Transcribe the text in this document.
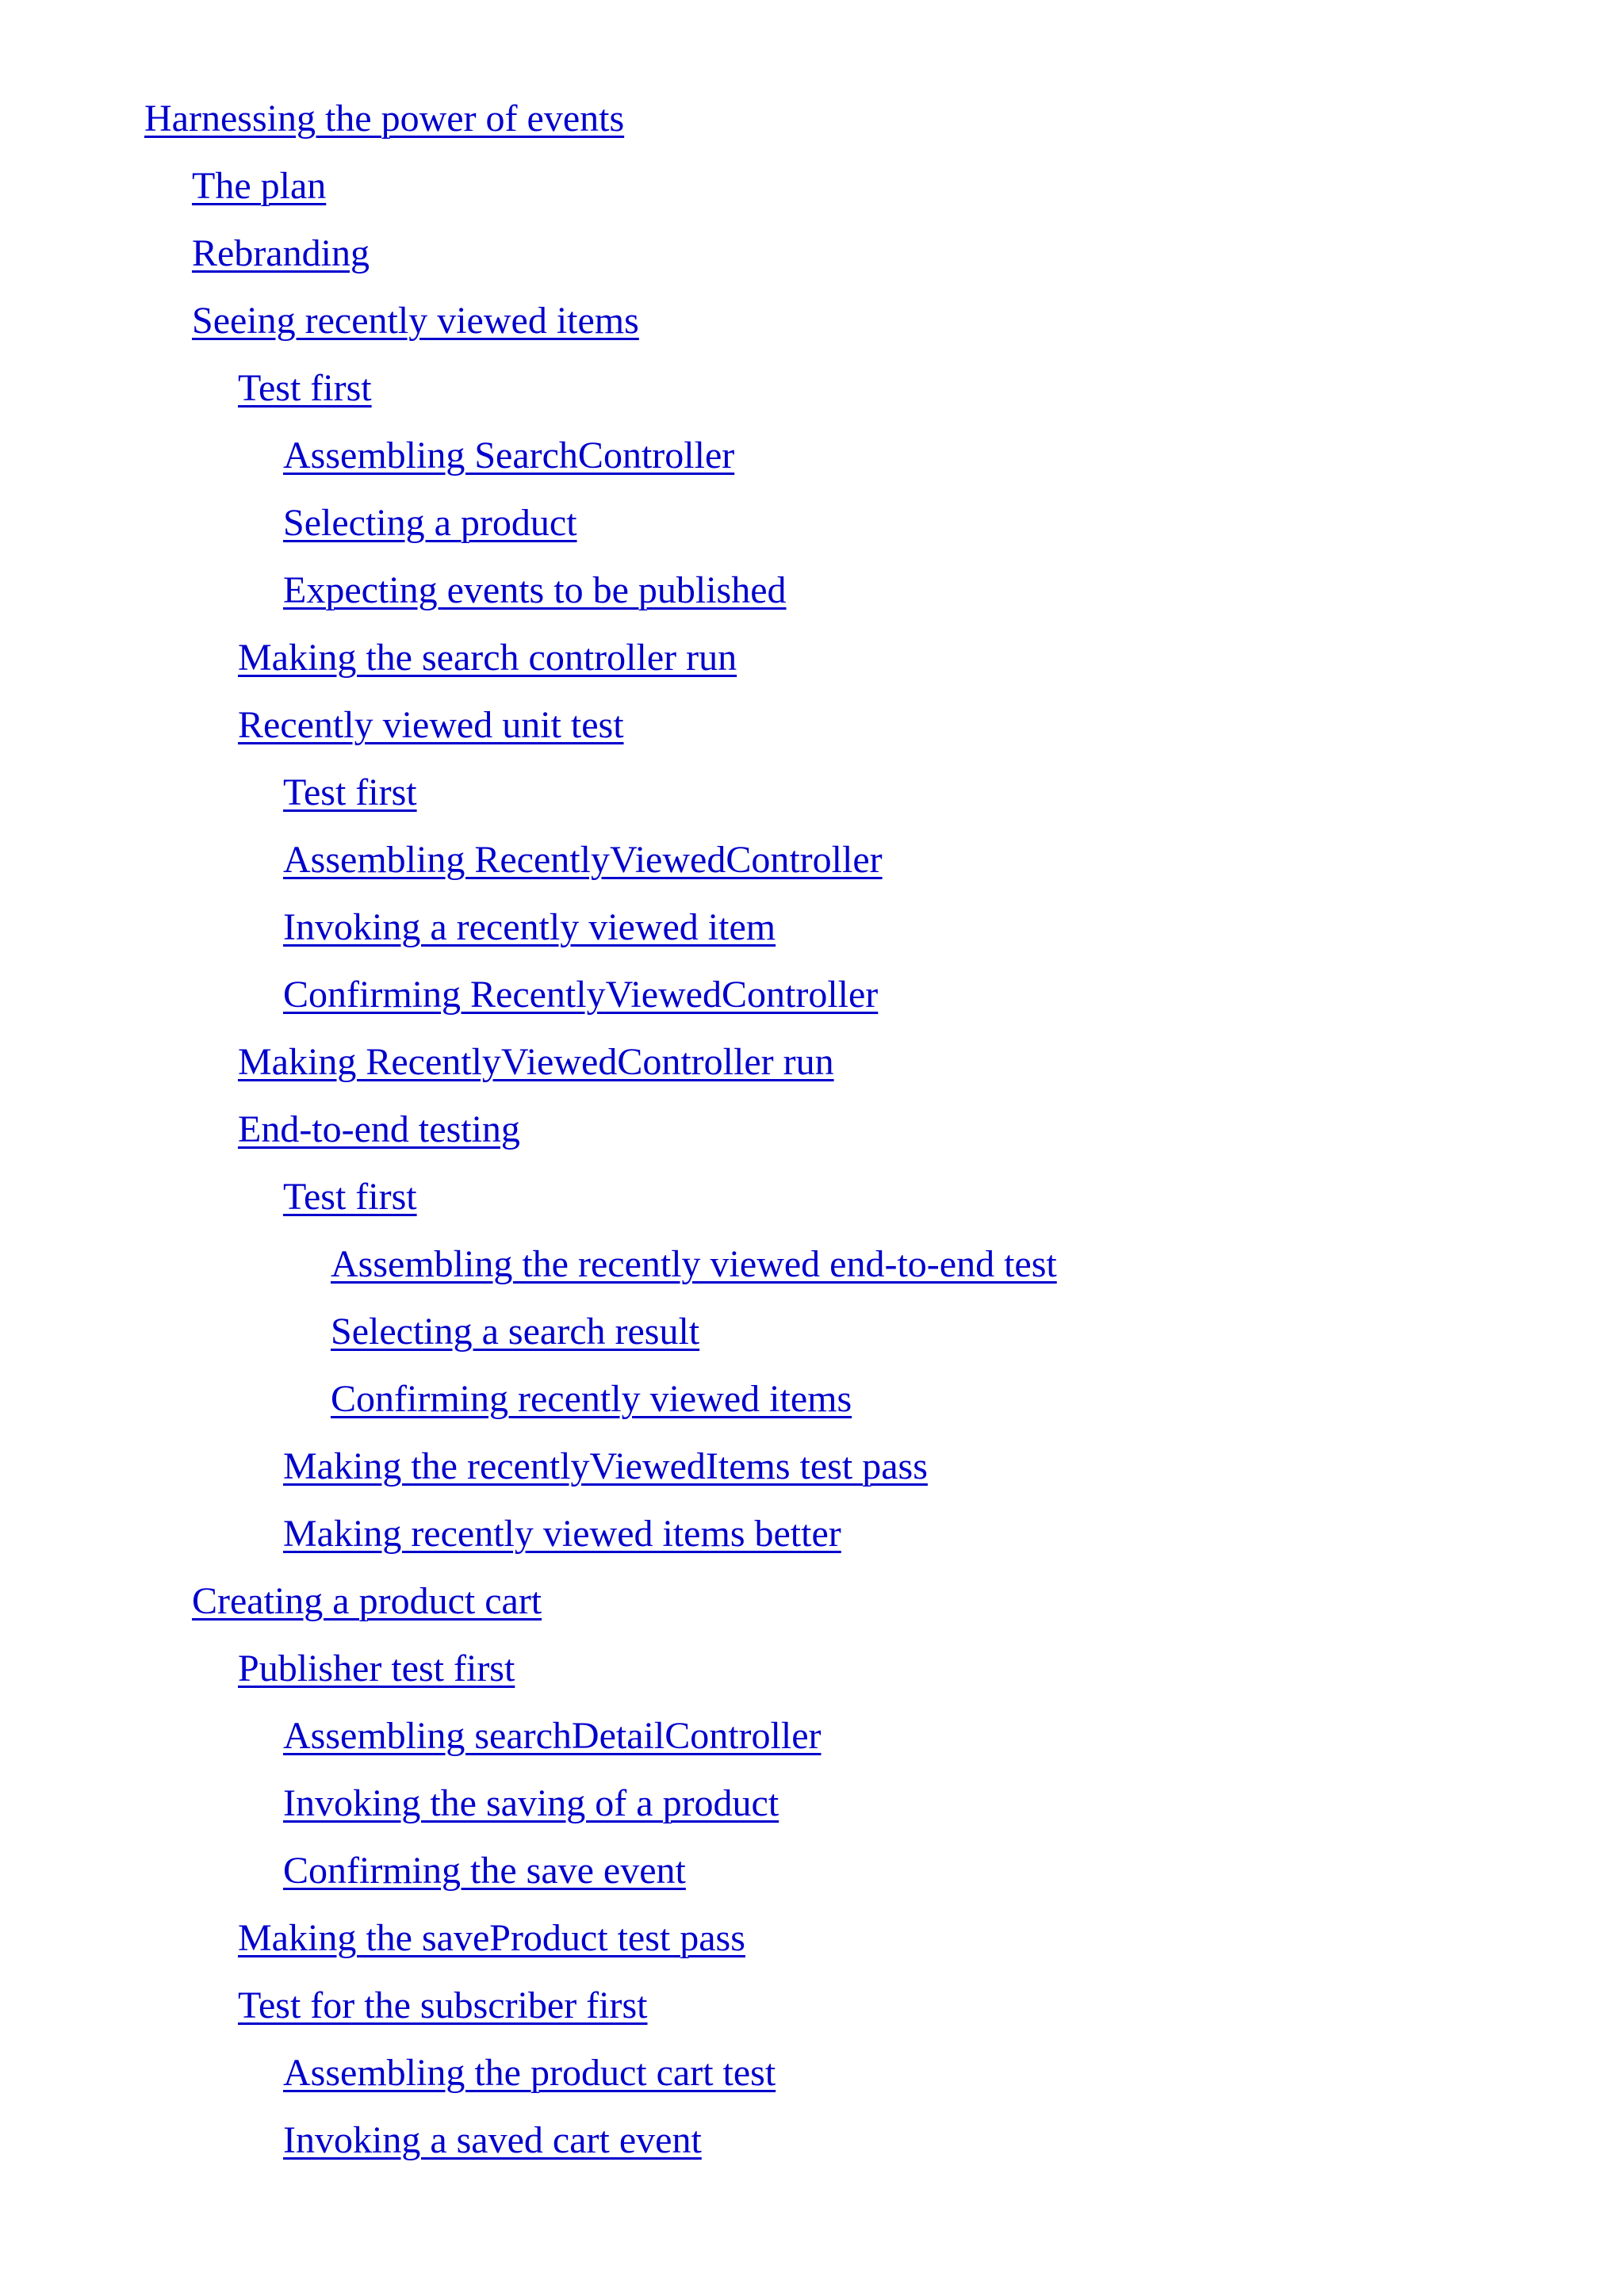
Harnessing the power of events
The plan
Rebranding
Seeing recently viewed items
Test first
Assembling SearchController
Selecting a product
Expecting events to be published
Making the search controller run
Recently viewed unit test
Test first
Assembling RecentlyViewedController
Invoking a recently viewed item
Confirming RecentlyViewedController
Making RecentlyViewedController run
End-to-end testing
Test first
Assembling the recently viewed end-to-end test
Selecting a search result
Confirming recently viewed items
Making the recentlyViewedItems test pass
Making recently viewed items better
Creating a product cart
Publisher test first
Assembling searchDetailController
Invoking the saving of a product
Confirming the save event
Making the saveProduct test pass
Test for the subscriber first
Assembling the product cart test
Invoking a saved cart event
